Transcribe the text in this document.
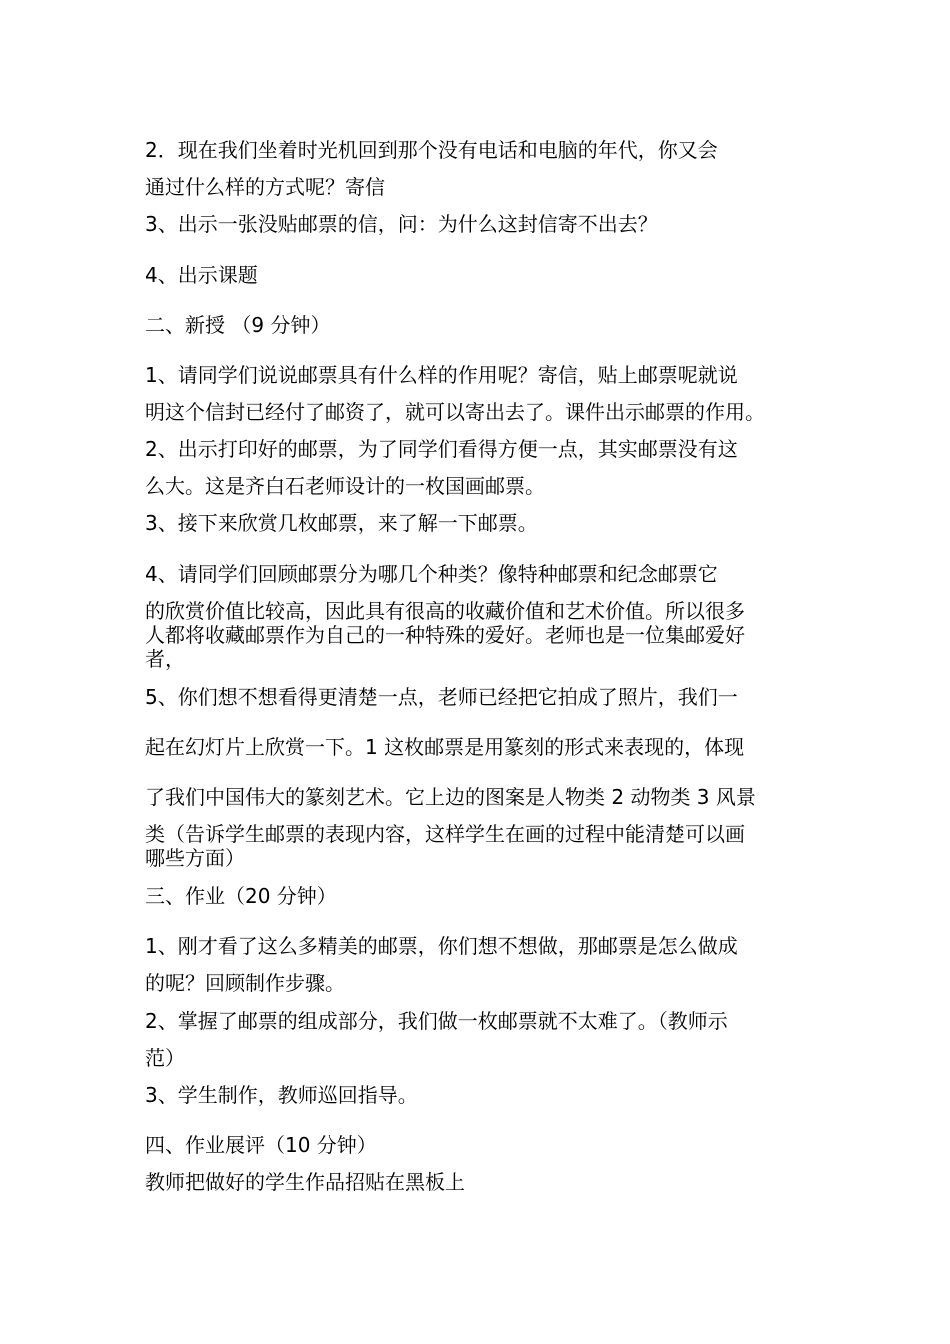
2．现在我们坐着时光机回到那个没有电话和电脑的年代，你又会
通过什么样的方式呢？寄信
3、出示一张没贴邮票的信，问：为什么这封信寄不出去？
4、出示课题
二、新授 （9 分钟）
1、请同学们说说邮票具有什么样的作用呢？寄信，贴上邮票呢就说
明这个信封已经付了邮资了，就可以寄出去了。课件出示邮票的作用。
2、出示打印好的邮票，为了同学们看得方便一点，其实邮票没有这
么大。这是齐白石老师设计的一枚国画邮票。
3、接下来欣赏几枚邮票，来了解一下邮票。
4、请同学们回顾邮票分为哪几个种类？像特种邮票和纪念邮票它
的欣赏价值比较高，因此具有很高的收藏价值和艺术价值。所以很多
人都将收藏邮票作为自己的一种特殊的爱好。老师也是一位集邮爱好
者，
5、你们想不想看得更清楚一点，老师已经把它拍成了照片，我们一
起在幻灯片上欣赏一下。1 这枚邮票是用篆刻的形式来表现的，体现
了我们中国伟大的篆刻艺术。它上边的图案是人物类 2 动物类 3 风景
类（告诉学生邮票的表现内容，这样学生在画的过程中能清楚可以画
哪些方面）
三、作业（20 分钟）
1、刚才看了这么多精美的邮票，你们想不想做，那邮票是怎么做成
的呢？回顾制作步骤。
2、掌握了邮票的组成部分，我们做一枚邮票就不太难了。（教师示
范）
3、学生制作，教师巡回指导。
四、作业展评（10 分钟）
教师把做好的学生作品招贴在黑板上
